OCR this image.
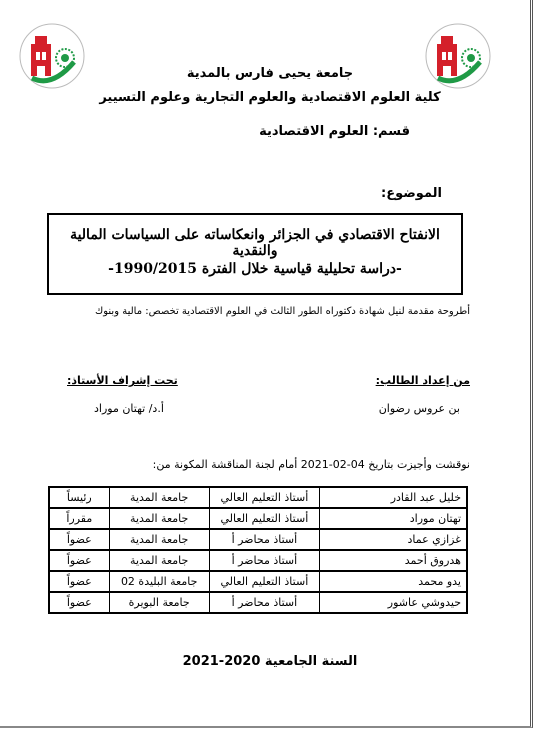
جامعة يحيى فارس بالمدية
كلية العلوم الاقتصادية والعلوم التجارية وعلوم التسيير
قسم: العلوم الاقتصادية
الموضوع:
الانفتاح الاقتصادي في الجزائر وانعكاساته على السياسات المالية والنقدية
-دراسة تحليلية قياسية خلال الفترة 1990/2015-
أطروحة مقدمة لنيل شهادة دكتوراه الطور الثالث في العلوم الاقتصادية تخصص: مالية وبنوك
من إعداد الطالب:
تحت إشراف الأستاذ:
بن عروس رضوان
أ.د/ تهتان موراد
نوقشت وأجيزت بتاريخ 04-02-2021 أمام لجنة المناقشة المكونة من:
خليل عبد القادر	أستاذ التعليم العالي	جامعة المدية	رئيساً
تهتان موراد	أستاذ التعليم العالي	جامعة المدية	مقرراً
غزازي عماد	أستاذ محاضر أ	جامعة المدية	عضواً
هدروق أحمد	أستاذ محاضر أ	جامعة المدية	عضواً
يدو محمد	أستاذ التعليم العالي	جامعة البليدة 02	عضواً
حيدوشي عاشور	أستاذ محاضر أ	جامعة البويرة	عضواً
السنة الجامعية 2020-2021
